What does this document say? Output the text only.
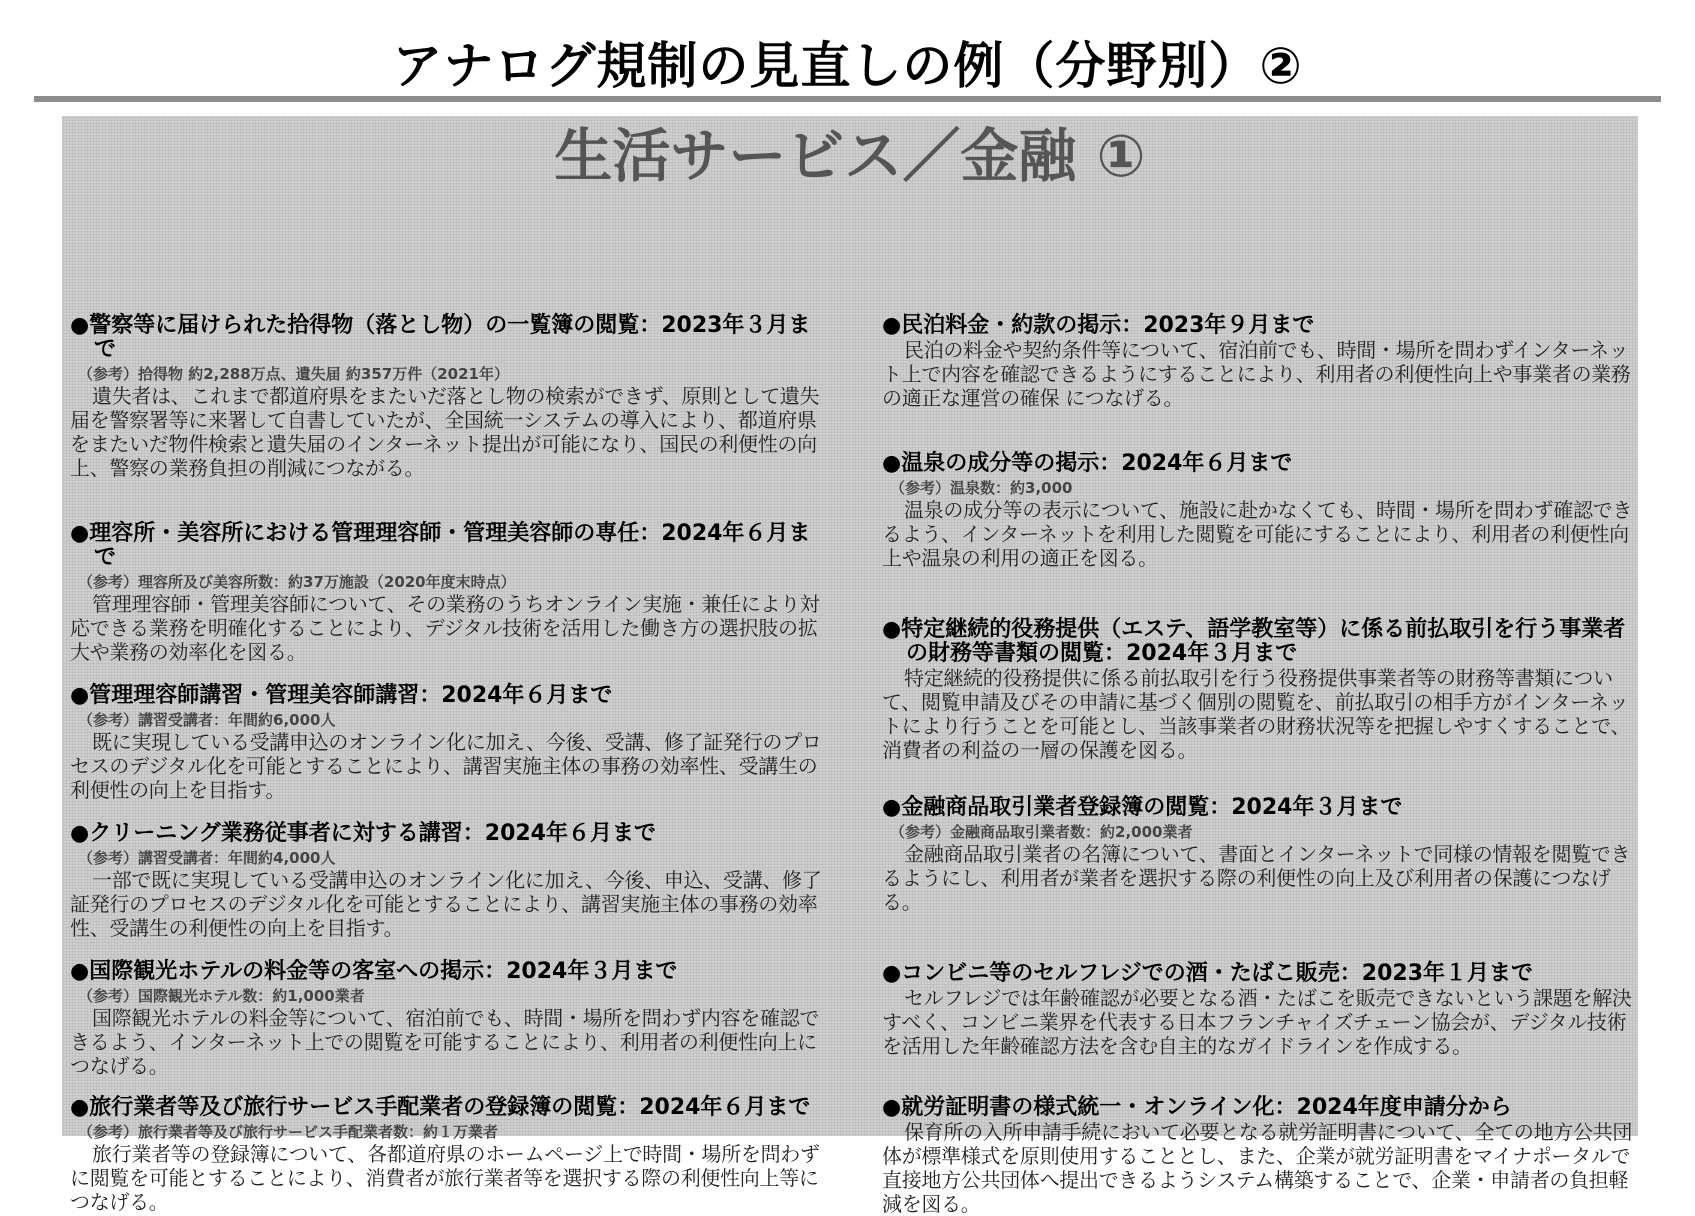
アナログ規制の見直しの例（分野別）②
生活サービス／金融 ①

●警察等に届けられた拾得物（落とし物）の一覧簿の閲覧：2023年３月まで

（参考）拾得物 約2,288万点、遺失届 約357万件（2021年）

遺失者は、これまで都道府県をまたいだ落とし物の検索ができず、原則として遺失届を警察署等に来署して自書していたが、全国統一システムの導入により、都道府県をまたいだ物件検索と遺失届のインターネット提出が可能になり、国民の利便性の向上、警察の業務負担の削減につながる。

●理容所・美容所における管理理容師・管理美容師の専任：2024年６月まで

（参考）理容所及び美容所数：約37万施設（2020年度末時点）

管理理容師・管理美容師について、その業務のうちオンライン実施・兼任により対応できる業務を明確化することにより、デジタル技術を活用した働き方の選択肢の拡大や業務の効率化を図る。

●管理理容師講習・管理美容師講習：2024年６月まで

（参考）講習受講者：年間約6,000人

既に実現している受講申込のオンライン化に加え、今後、受講、修了証発行のプロセスのデジタル化を可能とすることにより、講習実施主体の事務の効率性、受講生の利便性の向上を目指す。

●クリーニング業務従事者に対する講習：2024年６月まで

（参考）講習受講者：年間約4,000人

一部で既に実現している受講申込のオンライン化に加え、今後、申込、受講、修了証発行のプロセスのデジタル化を可能とすることにより、講習実施主体の事務の効率性、受講生の利便性の向上を目指す。

●国際観光ホテルの料金等の客室への掲示：2024年３月まで

（参考）国際観光ホテル数：約1,000業者

国際観光ホテルの料金等について、宿泊前でも、時間・場所を問わず内容を確認できるよう、インターネット上での閲覧を可能することにより、利用者の利便性向上につなげる。

●旅行業者等及び旅行サービス手配業者の登録簿の閲覧：2024年６月まで

（参考）旅行業者等及び旅行サービス手配業者数：約１万業者

旅行業者等の登録簿について、各都道府県のホームページ上で時間・場所を問わずに閲覧を可能とすることにより、消費者が旅行業者等を選択する際の利便性向上等につなげる。

●民泊料金・約款の掲示：2023年９月まで

民泊の料金や契約条件等について、宿泊前でも、時間・場所を問わずインターネット上で内容を確認できるようにすることにより、利用者の利便性向上や事業者の業務の適正な運営の確保 につなげる。

●温泉の成分等の掲示：2024年６月まで

（参考）温泉数：約3,000

温泉の成分等の表示について、施設に赴かなくても、時間・場所を問わず確認できるよう、インターネットを利用した閲覧を可能にすることにより、利用者の利便性向上や温泉の利用の適正を図る。

●特定継続的役務提供（エステ、語学教室等）に係る前払取引を行う事業者の財務等書類の閲覧：2024年３月まで

特定継続的役務提供に係る前払取引を行う役務提供事業者等の財務等書類について、閲覧申請及びその申請に基づく個別の閲覧を、前払取引の相手方がインターネットにより行うことを可能とし、当該事業者の財務状況等を把握しやすくすることで、消費者の利益の一層の保護を図る。

●金融商品取引業者登録簿の閲覧：2024年３月まで

（参考）金融商品取引業者数：約2,000業者

金融商品取引業者の名簿について、書面とインターネットで同様の情報を閲覧できるようにし、利用者が業者を選択する際の利便性の向上及び利用者の保護につなげる。

●コンビニ等のセルフレジでの酒・たばこ販売：2023年１月まで

セルフレジでは年齢確認が必要となる酒・たばこを販売できないという課題を解決すべく、コンビニ業界を代表する日本フランチャイズチェーン協会が、デジタル技術を活用した年齢確認方法を含む自主的なガイドラインを作成する。

●就労証明書の様式統一・オンライン化：2024年度申請分から

保育所の入所申請手続において必要となる就労証明書について、全ての地方公共団体が標準様式を原則使用することとし、また、企業が就労証明書をマイナポータルで直接地方公共団体へ提出できるようシステム構築することで、企業・申請者の負担軽減を図る。
